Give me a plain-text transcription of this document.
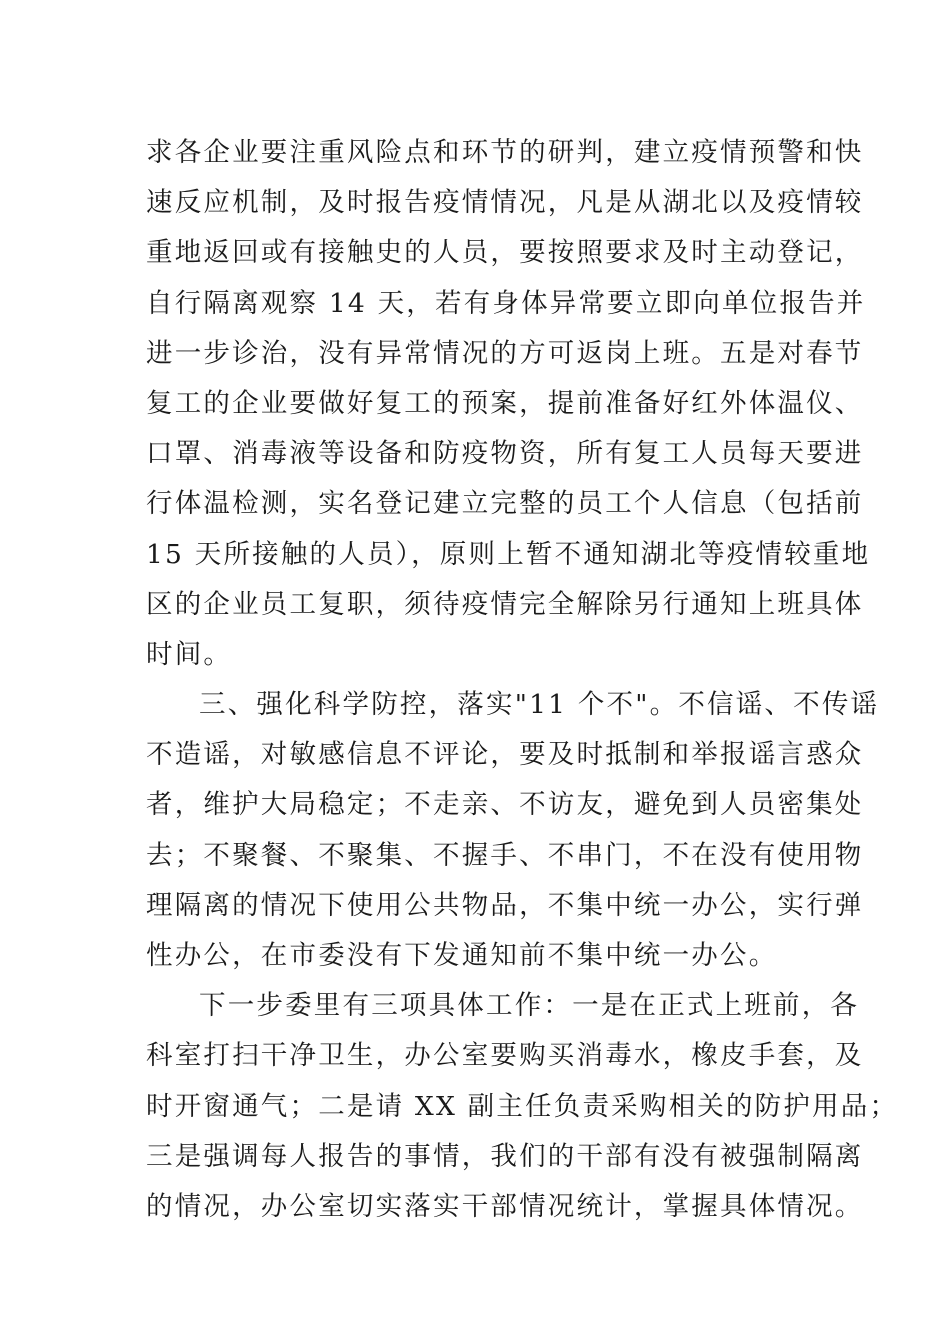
求各企业要注重风险点和环节的研判，建立疫情预警和快
速反应机制，及时报告疫情情况，凡是从湖北以及疫情较
重地返回或有接触史的人员，要按照要求及时主动登记，
自行隔离观察 14 天，若有身体异常要立即向单位报告并
进一步诊治，没有异常情况的方可返岗上班。五是对春节
复工的企业要做好复工的预案，提前准备好红外体温仪、
口罩、消毒液等设备和防疫物资，所有复工人员每天要进
行体温检测，实名登记建立完整的员工个人信息（包括前
15 天所接触的人员），原则上暂不通知湖北等疫情较重地
区的企业员工复职，须待疫情完全解除另行通知上班具体
时间。
三、强化科学防控，落实"11 个不"。不信谣、不传谣
不造谣，对敏感信息不评论，要及时抵制和举报谣言惑众
者，维护大局稳定；不走亲、不访友，避免到人员密集处
去；不聚餐、不聚集、不握手、不串门，不在没有使用物
理隔离的情况下使用公共物品，不集中统一办公，实行弹
性办公，在市委没有下发通知前不集中统一办公。
下一步委里有三项具体工作：一是在正式上班前，各
科室打扫干净卫生，办公室要购买消毒水，橡皮手套，及
时开窗通气；二是请 XX 副主任负责采购相关的防护用品；
三是强调每人报告的事情，我们的干部有没有被强制隔离
的情况，办公室切实落实干部情况统计，掌握具体情况。
